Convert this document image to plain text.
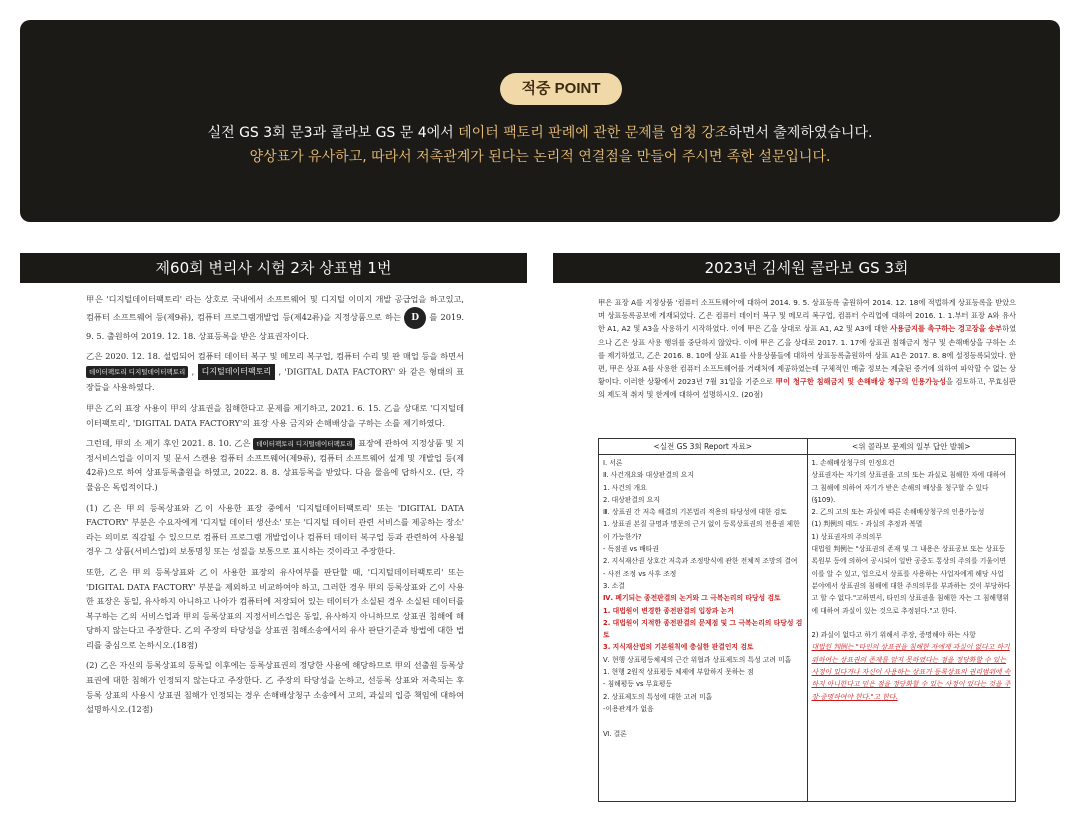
적중 POINT
실전 GS 3회 문3과 콜라보 GS 문 4에서 데이터 팩토리 판례에 관한 문제를 엄청 강조하면서 출제하였습니다.
양상표가 유사하고, 따라서 저촉관계가 된다는 논리적 연결점을 만들어 주시면 족한 설문입니다.
제60회 변리사 시험 2차 상표법 1번	2023년 김세원 콜라보 GS 3회

甲은 '디지털데이터팩토리' 라는 상호로 국내에서 소프트웨어 및 디지털 이미지 개발 공급업을 하고있고, 컴퓨터 소프트웨어 등(제9류), 컴퓨터 프로그램개발업 등(제42류)을 지정상품으로 하는 D 를 2019. 9. 5. 출원하여 2019. 12. 18. 상표등록을 받은 상표권자이다.

乙은 2020. 12. 18. 설립되어 컴퓨터 데이터 복구 및 메모리 복구업, 컴퓨터 수리 및 판 매업 등을 하면서 데이터팩토리 디지털데이터팩토리 , 디지털데이터팩토리 , 'DIGITAL DATA FACTORY' 와 같은 형태의 표장들을 사용하였다.

甲은 乙의 표장 사용이 甲의 상표권을 침해한다고 문제를 제기하고, 2021. 6. 15. 乙을 상대로 '디지털데이터팩토리', 'DIGITAL DATA FACTORY'의 표장 사용 금지와 손해배상을 구하는 소를 제기하였다.

그런데, 甲의 소 제기 후인 2021. 8. 10. 乙은 데이터팩토리 디지털데이터팩토리 표장에 관하여 지정상품 및 지정서비스업을 이미지 및 문서 스캔용 컴퓨터 소프트웨어(제9류), 컴퓨터 소프트웨어 설계 및 개발업 등(제42류)으로 하여 상표등록출원을 하였고, 2022. 8. 8. 상표등록을 받았다. 다음 물음에 답하시오. (단, 각 물음은 독립적이다.)

(1) 乙은 甲의 등록상표와 乙이 사용한 표장 중에서 '디지털데이터팩토리' 또는 'DIGITAL DATA FACTORY' 부분은 수요자에게 '디지털 데이터 생산소' 또는 '디지털 데이터 관련 서비스를 제공하는 장소' 라는 의미로 직감될 수 있으므로 컴퓨터 프로그램 개발업이나 컴퓨터 데이터 복구업 등과 관련하여 사용될 경우 그 상품(서비스업)의 보통명칭 또는 성질을 보통으로 표시하는 것이라고 주장한다.

또한, 乙은 甲의 등록상표와 乙이 사용한 표장의 유사여부를 판단할 때, '디지털데이터팩토리' 또는 'DIGITAL DATA FACTORY' 부분을 제외하고 비교하여야 하고, 그러한 경우 甲의 등록상표와 乙이 사용한 표장은 동일, 유사하지 아니하고 나아가 컴퓨터에 저장되어 있는 데이터가 소실된 경우 소실된 데이터를 복구하는 乙의 서비스업과 甲의 등록상표의 지정서비스업은 동일, 유사하지 아니하므로 상표권 침해에 해당하지 않는다고 주장한다. 乙의 주장의 타당성을 상표권 침해소송에서의 유사 판단기준과 방법에 대한 법리를 중심으로 논하시오.(18점)

(2) 乙은 자신의 등록상표의 등록일 이후에는 등록상표권의 정당한 사용에 해당하므로 甲의 선출원 등록상표권에 대한 침해가 인정되지 않는다고 주장한다. 乙 주장의 타당성을 논하고, 선등록 상표와 저촉되는 후등록 상표의 사용시 상표권 침해가 인정되는 경우 손해배상청구 소송에서 고의, 과실의 입증 책임에 대하여 설명하시오.(12점)

甲은 표장 A를 지정상품 '컴퓨터 소프트웨어'에 대하여 2014. 9. 5. 상표등록 출원하여 2014. 12. 18에 적법하게 상표등록을 받았으며 상표등록공보에 게재되었다. 乙은 컴퓨터 데이터 복구 및 메모리 복구업, 컴퓨터 수리업에 대하여 2016. 1. 1.부터 표장 A와 유사한 A1, A2 및 A3을 사용하기 시작하였다. 이에 甲은 乙을 상대로 상표 A1, A2 및 A3에 대한 사용금지를 촉구하는 경고장을 송부하였으나 乙은 상표 사용 행위를 중단하지 않았다. 이에 甲은 乙을 상대로 2017. 1. 17에 상표권 침해금지 청구 및 손해배상을 구하는 소를 제기하였고, 乙은 2016. 8. 10에 상표 A1를 사용상품들에 대하여 상표등록출원하여 상표 A1은 2017. 8. 8에 설정등록되었다. 한편, 甲은 상표 A를 사용한 컴퓨터 소프트웨어를 거래처에 제공하였는데 구체적인 매출 정보는 제출된 증거에 의하여 파악할 수 없는 상황이다. 이러한 상황에서 2023년 7월 31일을 기준으로 甲이 청구한 침해금지 및 손해배상 청구의 인용가능성을 검토하고, 무효심판의 제도적 취지 및 한계에 대하여 설명하시오. (20점)

<실전 GS 3회 Report 자료>	<위 콜라보 문제의 일부 답안 발췌>
Ⅰ. 서론
Ⅱ. 사건개요와 대상판결의 요지
1. 사건의 개요
2. 대상판결의 요지
Ⅲ. 상표권 간 저촉 해결의 기본법리 적용의 타당성에 대한 검토
1. 상표권 본질 규명과 명문의 근거 없이 등록상표권의 전용권 제한이 가능한가?
- 독점권 vs 배타권
2. 지식재산권 상호간 저촉과 조정방식에 관한 전체적 조망의 결여
- 사전 조정 vs 사후 조정
3. 소결
Ⅳ. 폐기되는 종전판결의 논거와 그 극복논리의 타당성 검토
1. 대법원이 변경한 종전판결의 입장과 논거
2. 대법원이 지적한 종전판결의 문제점 및 그 극복논리의 타당성 검토
3. 지식재산법의 기본원칙에 충실한 판결인지 검토
Ⅴ. 현행 상표평등체제의 근간 위협과 상표제도의 특성 고려 미흡
1. 현행 2원적 상표평등 체제에 부합하지 못하는 점
- 침해평등 vs 무효평등
2. 상표제도의 특성에 대한 고려 미흡
-이용관계가 없음

Ⅵ. 결론
1. 손해배상청구의 인정요건
상표권자는 자기의 상표권을 고의 또는 과실로 침해한 자에 대하여 그 침해에 의하여 자기가 받은 손해의 배상을 청구할 수 있다(§109).
2. 乙의 고의 또는 과실에 따른 손해배상청구의 인용가능성
(1) 判例의 태도 - 과실의 추정과 복멸
1) 상표권자의 주의의무
대법원 判例는 "상표권의 존재 및 그 내용은 상표공보 또는 상표등록원부 등에 의하여 공시되어 일반 공중도 통상의 주의를 기울이면 이를 알 수 있고, 업으로서 상표를 사용하는 사업자에게 해당 사업 분야에서 상표권의 침해에 대한 주의의무를 부과하는 것이 부당하다고 할 수 없다."고하면서, 타인의 상표권을 침해한 자는 그 침해행위에 대하여 과실이 있는 것으로 추정된다."고 한다.

2) 과실이 없다고 하기 위해서 주장, 증명해야 하는 사항
대법원 判例는 "타인의 상표권을 침해한 자에게 과실이 없다고 하기 위하여는 상표권의 존재를 알지 못하였다는 점을 정당화할 수 있는 사정이 있다거나 자신이 사용하는 상표가 등록상표의 권리범위에 속하지 아니한다고 믿은 점을 정당화할 수 있는 사정이 있다는 것을 주장·증명하여야 한다."고 한다.
